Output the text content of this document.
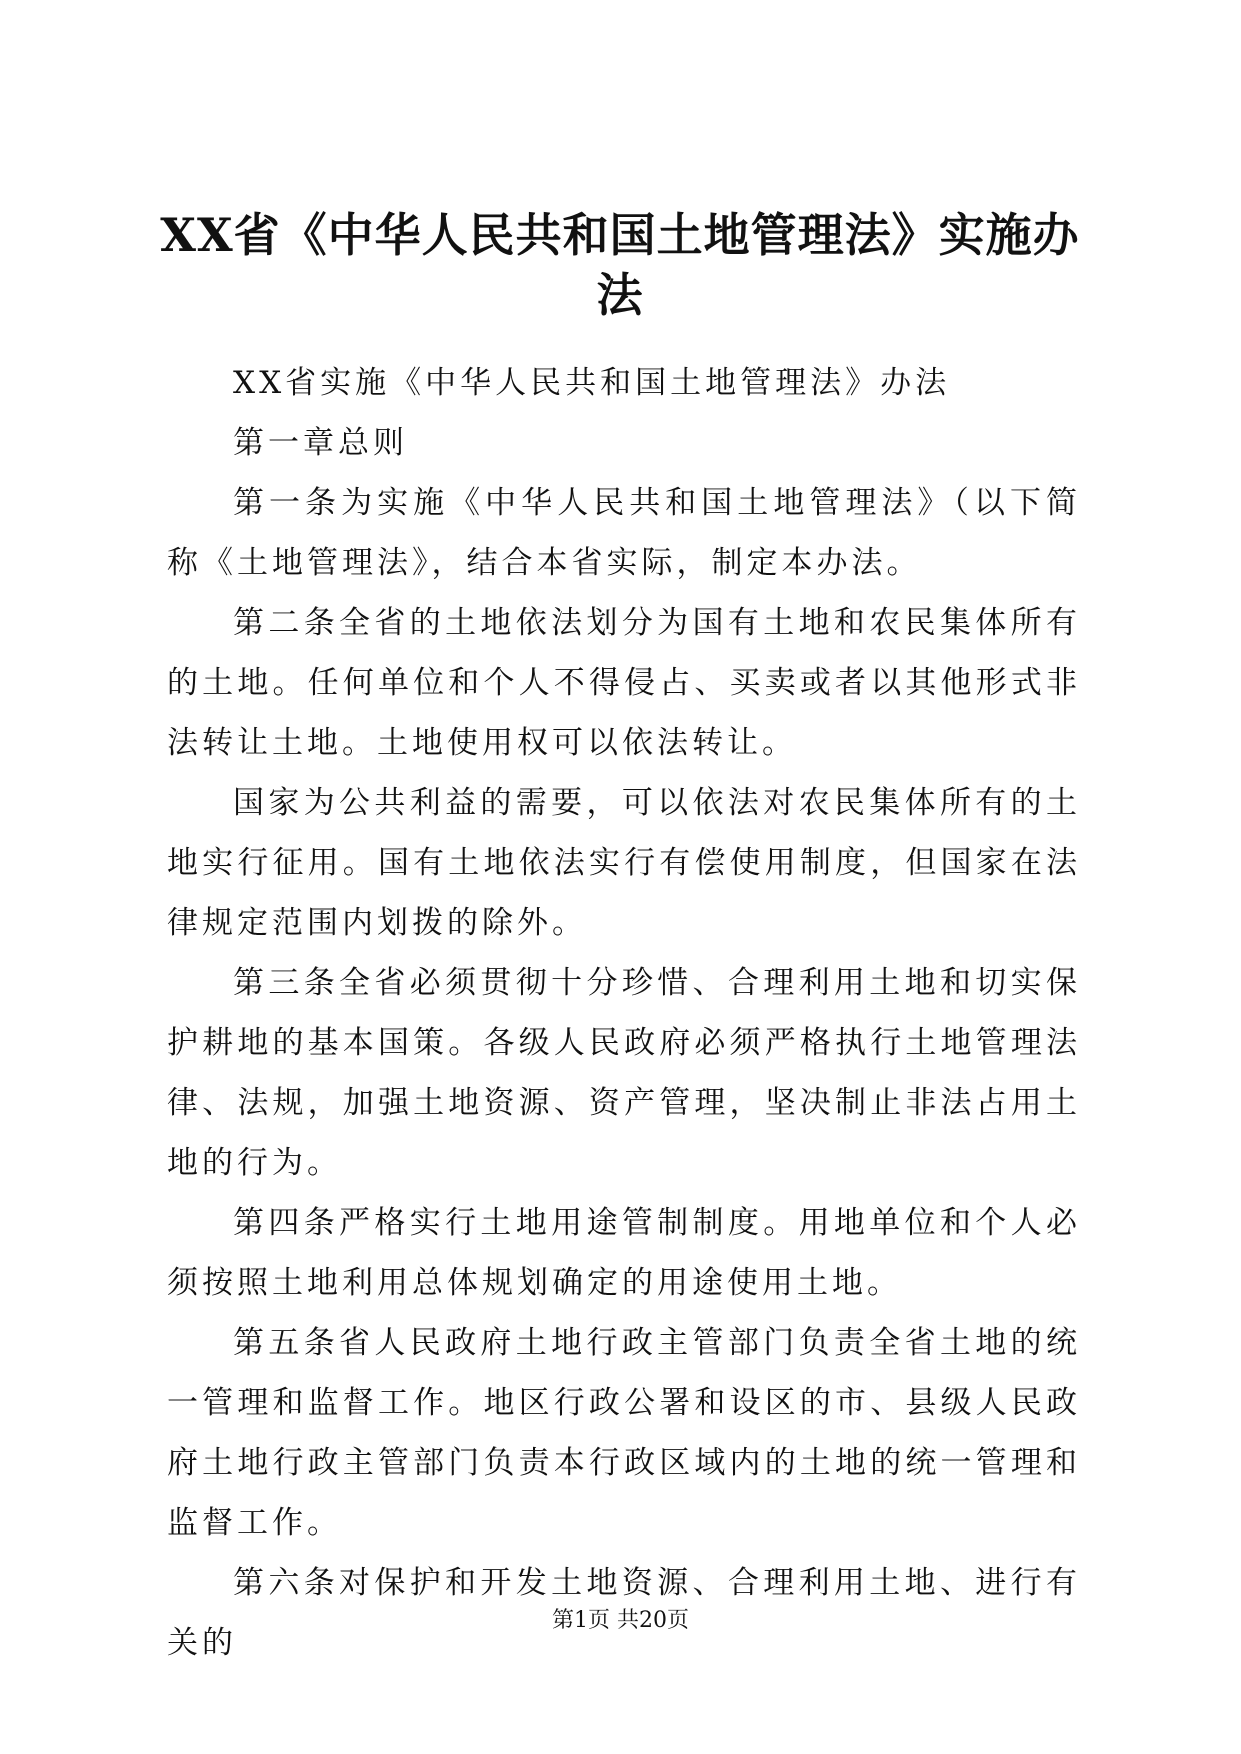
XX省《中华人民共和国土地管理法》实施办法

XX省实施《中华人民共和国土地管理法》办法

第一章总则

第一条为实施《中华人民共和国土地管理法》（以下简称《土地管理法》，结合本省实际，制定本办法。

第二条全省的土地依法划分为国有土地和农民集体所有的土地。任何单位和个人不得侵占、买卖或者以其他形式非法转让土地。土地使用权可以依法转让。

国家为公共利益的需要，可以依法对农民集体所有的土地实行征用。国有土地依法实行有偿使用制度，但国家在法律规定范围内划拨的除外。

第三条全省必须贯彻十分珍惜、合理利用土地和切实保护耕地的基本国策。各级人民政府必须严格执行土地管理法律、法规，加强土地资源、资产管理，坚决制止非法占用土地的行为。

第四条严格实行土地用途管制制度。用地单位和个人必须按照土地利用总体规划确定的用途使用土地。

第五条省人民政府土地行政主管部门负责全省土地的统一管理和监督工作。地区行政公署和设区的市、县级人民政府土地行政主管部门负责本行政区域内的土地的统一管理和监督工作。

第六条对保护和开发土地资源、合理利用土地、进行有关的

第1页 共20页
